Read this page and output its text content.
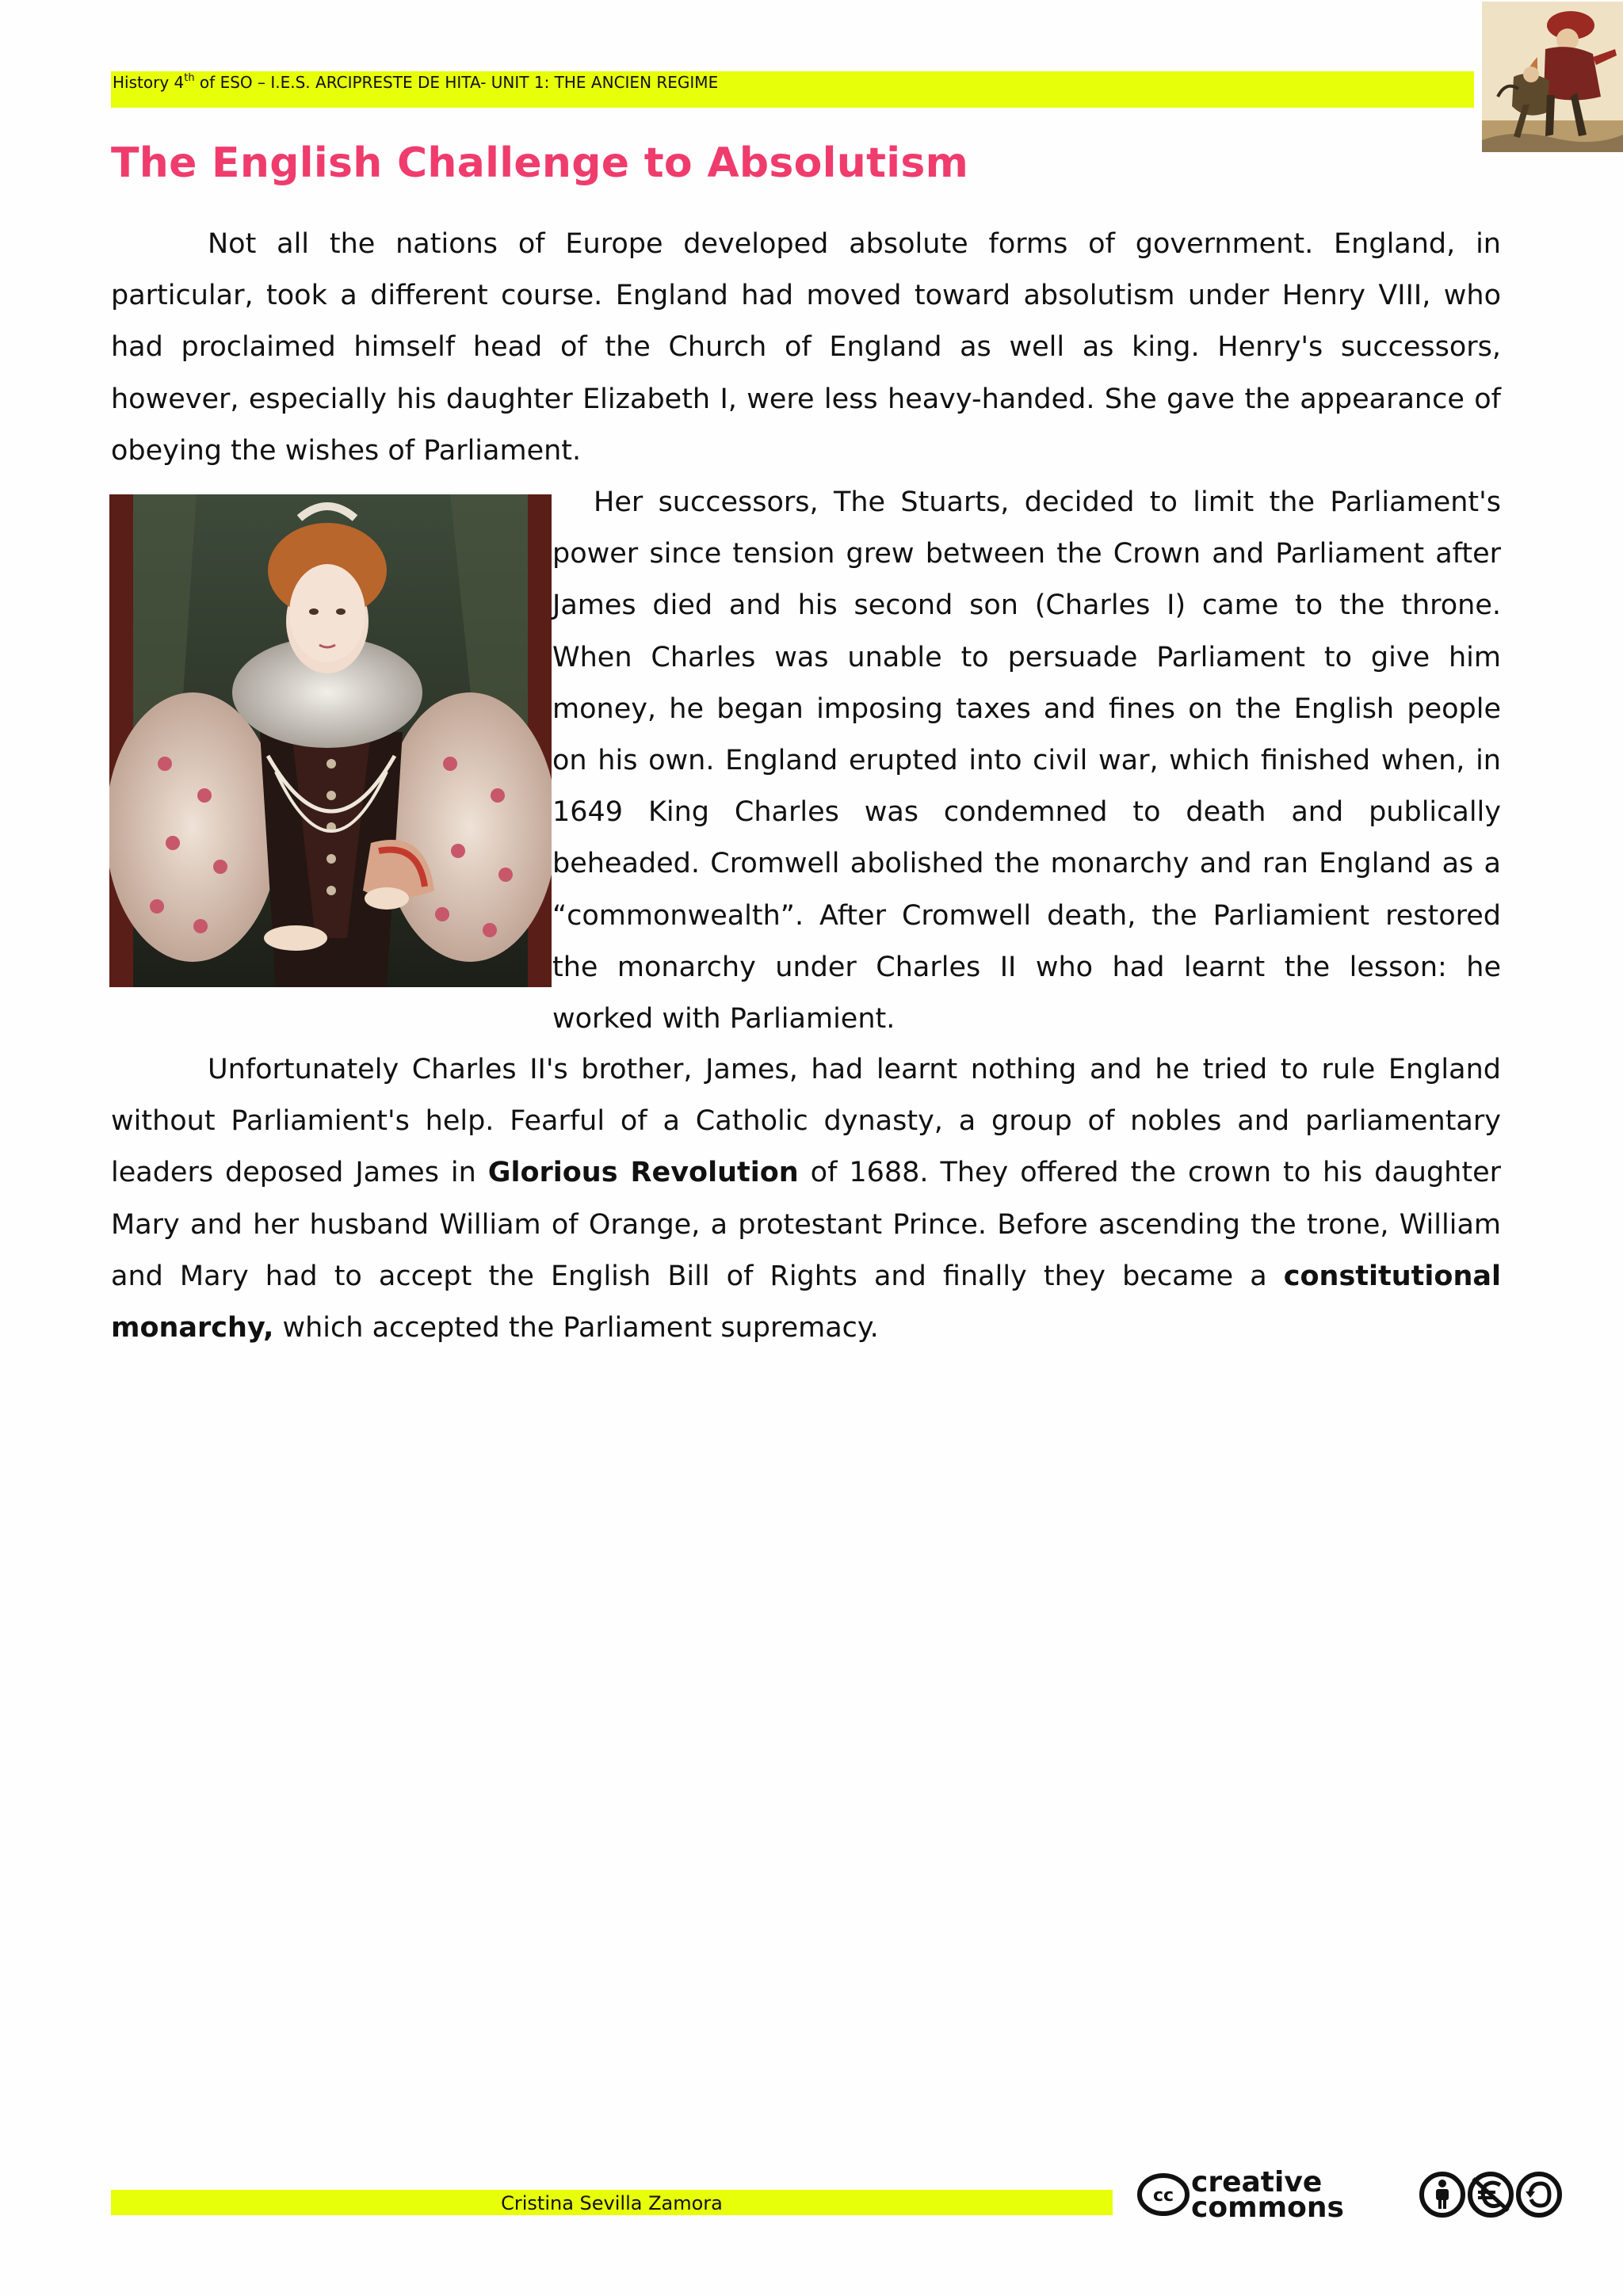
History 4th of ESO – I.E.S. ARCIPRESTE DE HITA- UNIT 1: THE ANCIEN REGIME
The English Challenge to Absolutism

Not all the nations of Europe developed absolute forms of government. England, in particular, took a different course. England had moved toward absolutism under Henry VIII, who had proclaimed himself head of the Church of England as well as king. Henry's successors, however, especially his daughter Elizabeth I, were less heavy-handed. She gave the appearance of obeying the wishes of Parliament.

Her successors, The Stuarts, decided to limit the Parliament's power since tension grew between the Crown and Parliament after James died and his second son (Charles I) came to the throne. When Charles was unable to persuade Parliament to give him money, he began imposing taxes and fines on the English people on his own. England erupted into civil war, which finished when, in 1649 King Charles was condemned to death and publically beheaded. Cromwell abolished the monarchy and ran England as a “commonwealth”. After Cromwell death, the Parliamient restored the monarchy under Charles II who had learnt the lesson: he worked with Parliamient.

Unfortunately Charles II's brother, James, had learnt nothing and he tried to rule England without Parliamient's help. Fearful of a Catholic dynasty, a group of nobles and parliamentary leaders deposed James in Glorious Revolution of 1688. They offered the crown to his daughter Mary and her husband William of Orange, a protestant Prince. Before ascending the trone, William and Mary had to accept the English Bill of Rights and finally they became a constitutional monarchy, which accepted the Parliament supremacy.

Cristina Sevilla Zamora	cc creative
commons
